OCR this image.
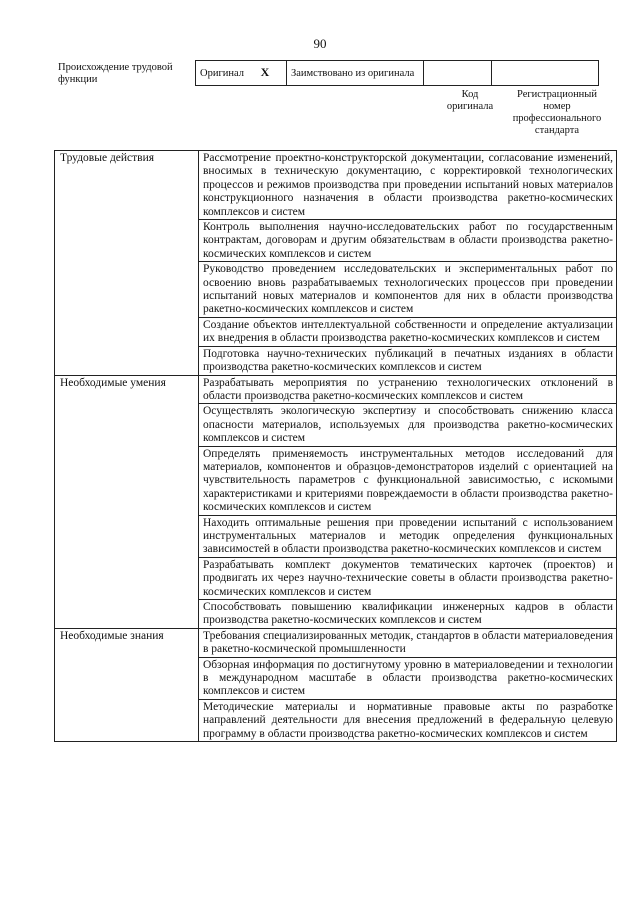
90
Происхождение трудовой функции
Оригинал X	Заимствовано из оригинала		
Код оригинала
Регистрационный номер профессионального стандарта
Трудовые действия	Рассмотрение проектно-конструкторской документации, согласование изменений, вносимых в техническую документацию, с корректировкой технологических процессов и режимов производства при проведении испытаний новых материалов конструкционного назначения в области производства ракетно-космических комплексов и систем
	Контроль выполнения научно-исследовательских работ по государственным контрактам, договорам и другим обязательствам в области производства ракетно-космических комплексов и систем
	Руководство проведением исследовательских и экспериментальных работ по освоению вновь разрабатываемых технологических процессов при проведении испытаний новых материалов и компонентов для них в области производства ракетно-космических комплексов и систем
	Создание объектов интеллектуальной собственности и определение актуализации их внедрения в области производства ракетно-космических комплексов и систем
	Подготовка научно-технических публикаций в печатных изданиях в области производства ракетно-космических комплексов и систем
Необходимые умения	Разрабатывать мероприятия по устранению технологических отклонений в области производства ракетно-космических комплексов и систем
	Осуществлять экологическую экспертизу и способствовать снижению класса опасности материалов, используемых для производства ракетно-космических комплексов и систем
	Определять применяемость инструментальных методов исследований для материалов, компонентов и образцов-демонстраторов изделий с ориентацией на чувствительность параметров с функциональной зависимостью, с искомыми характеристиками и критериями повреждаемости в области производства ракетно-космических комплексов и систем
	Находить оптимальные решения при проведении испытаний с использованием инструментальных материалов и методик определения функциональных зависимостей в области производства ракетно-космических комплексов и систем
	Разрабатывать комплект документов тематических карточек (проектов) и продвигать их через научно-технические советы в области производства ракетно-космических комплексов и систем
	Способствовать повышению квалификации инженерных кадров в области производства ракетно-космических комплексов и систем
Необходимые знания	Требования специализированных методик, стандартов в области материаловедения в ракетно-космической промышленности
	Обзорная информация по достигнутому уровню в материаловедении и технологии в международном масштабе в области производства ракетно-космических комплексов и систем
	Методические материалы и нормативные правовые акты по разработке направлений деятельности для внесения предложений в федеральную целевую программу в области производства ракетно-космических комплексов и систем
